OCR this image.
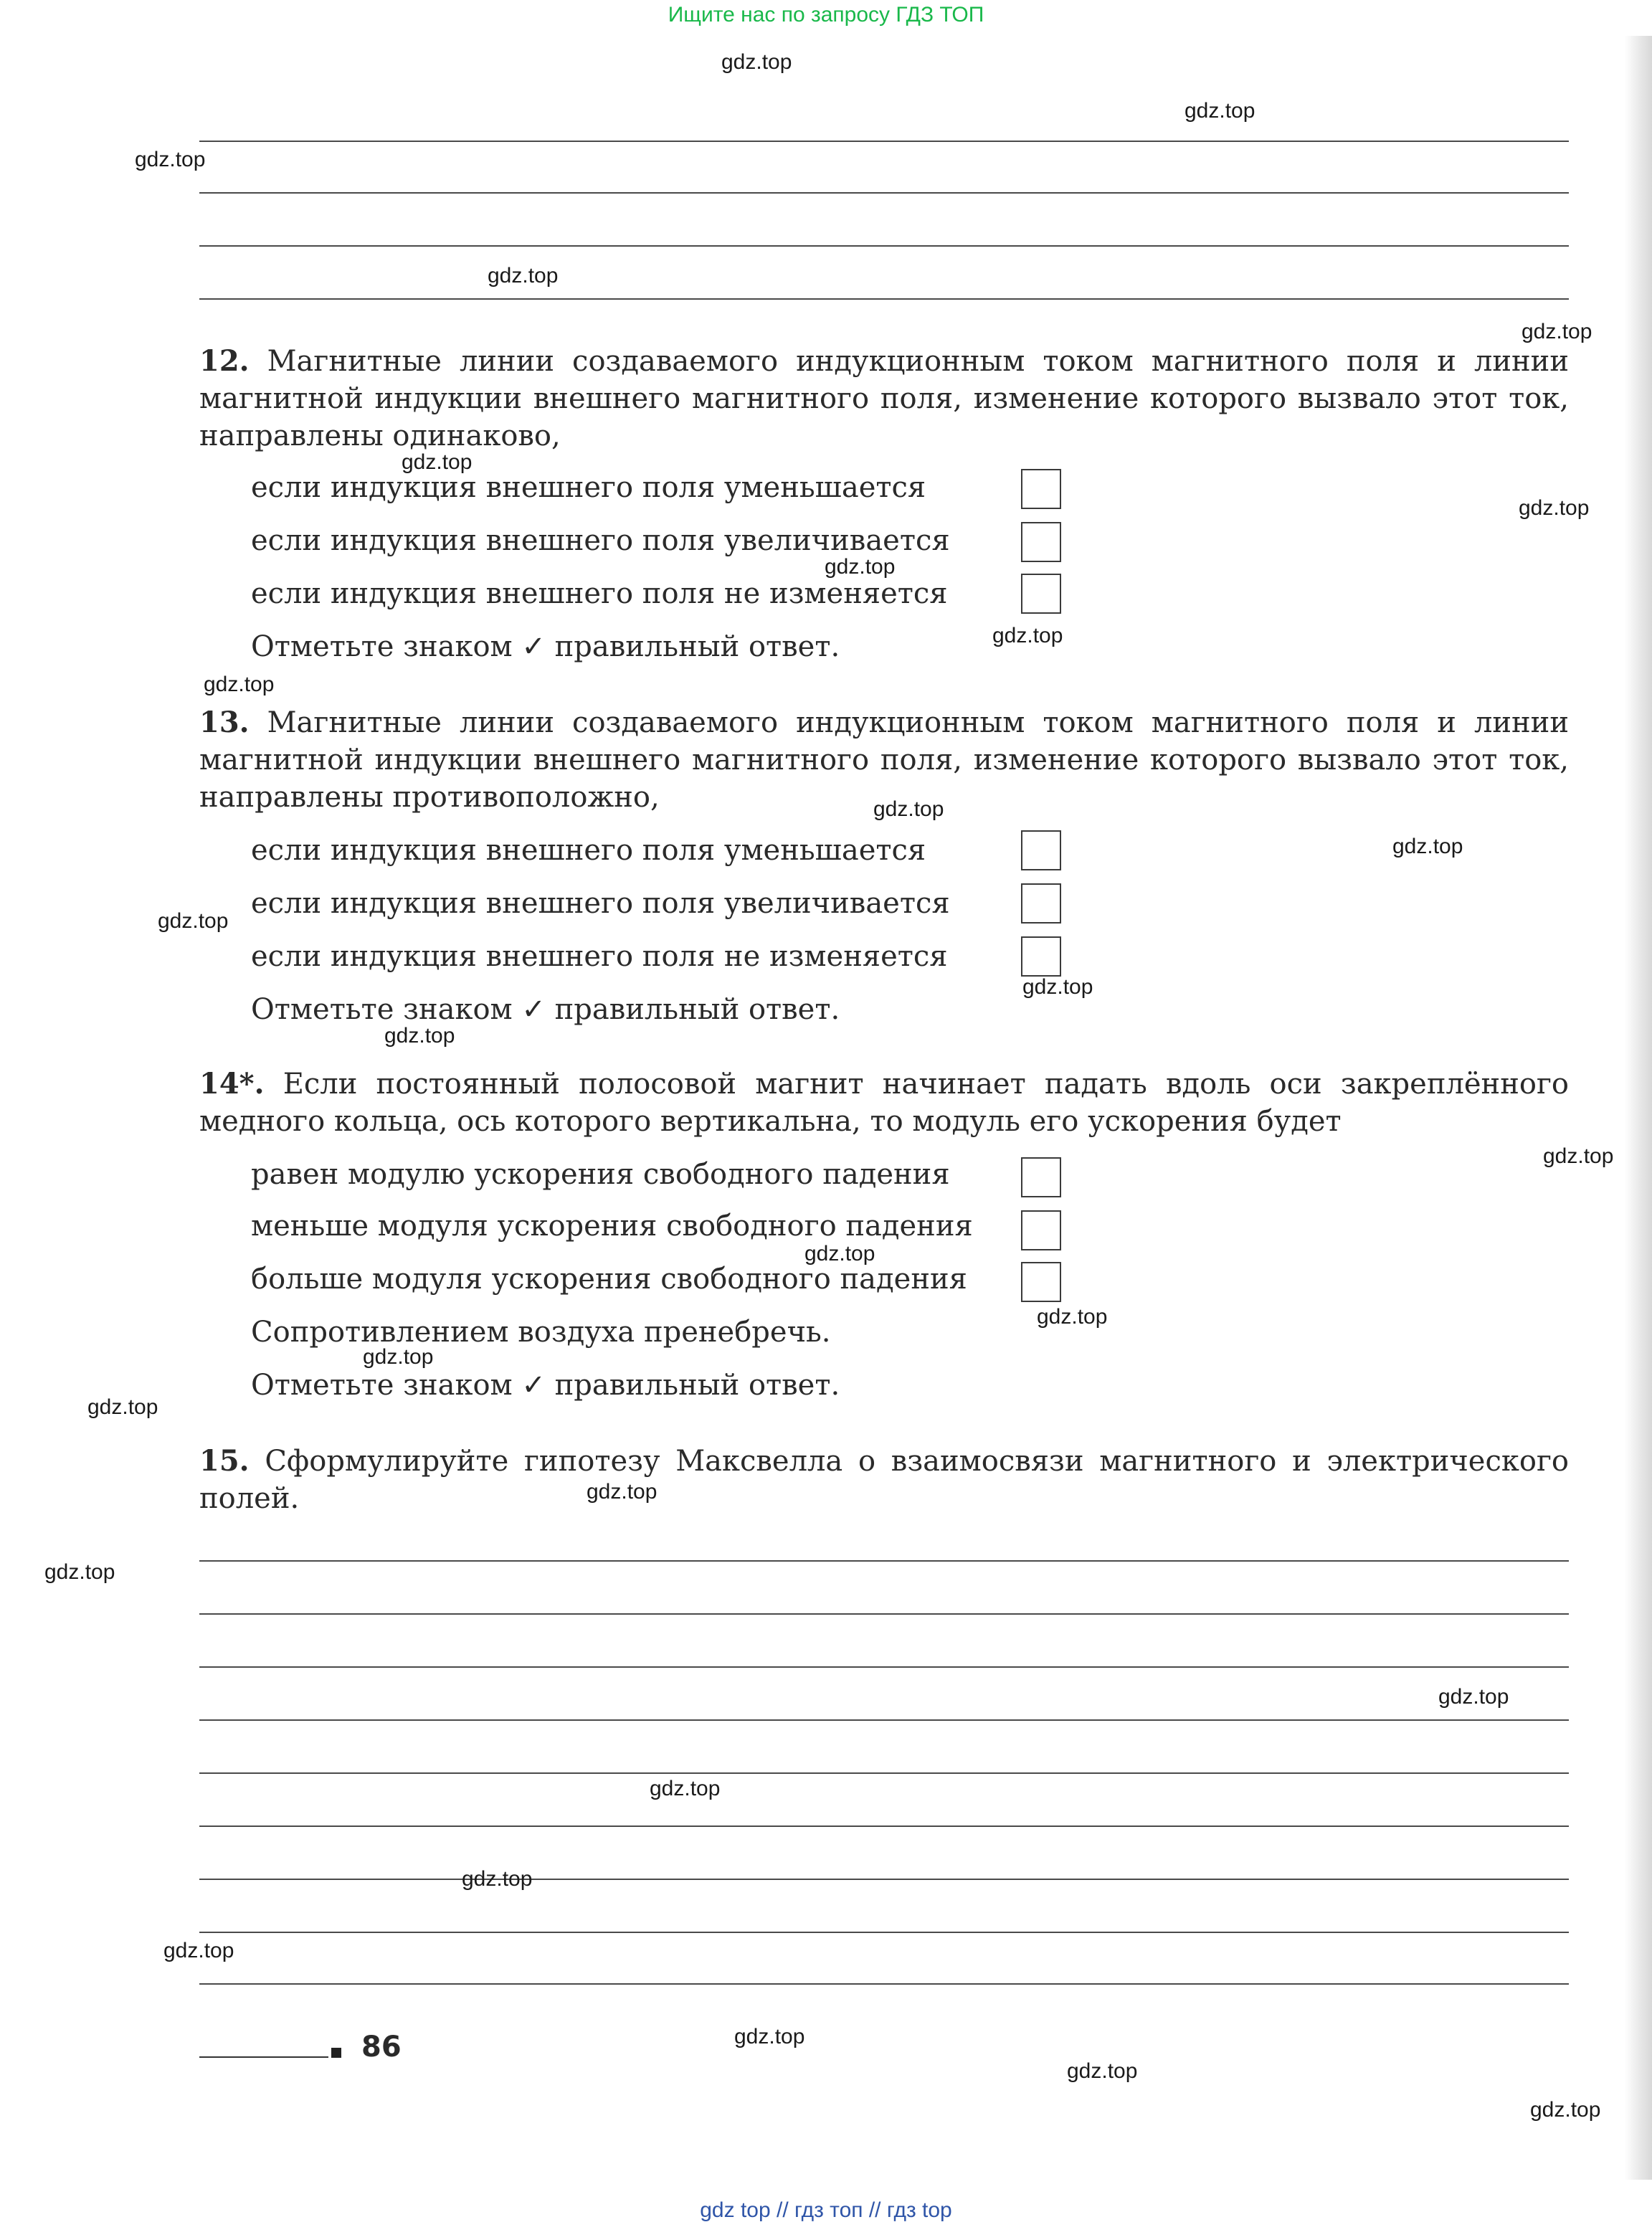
Ищите нас по запросу ГДЗ ТОП
12. Магнитные линии создаваемого индукционным током магнитного поля и линии магнитной индукции внешнего магнитного поля, изменение которого вызвало этот ток, направлены одинаково,
если индукция внешнего поля уменьшается
если индукция внешнего поля увеличивается
если индукция внешнего поля не изменяется
Отметьте знаком ✓ правильный ответ.
13. Магнитные линии создаваемого индукционным током магнитного поля и линии магнитной индукции внешнего магнитного поля, изменение которого вызвало этот ток, направлены противоположно,
если индукция внешнего поля уменьшается
если индукция внешнего поля увеличивается
если индукция внешнего поля не изменяется
Отметьте знаком ✓ правильный ответ.
14*. Если постоянный полосовой магнит начинает падать вдоль оси закреплённого медного кольца, ось которого вертикальна, то модуль его ускорения будет
равен модулю ускорения свободного падения
меньше модуля ускорения свободного падения
больше модуля ускорения свободного падения
Сопротивлением воздуха пренебречь.
Отметьте знаком ✓ правильный ответ.
15. Сформулируйте гипотезу Максвелла о взаимосвязи магнитного и электрического полей.
86
gdz.top
gdz.top
gdz.top
gdz.top
gdz.top
gdz.top
gdz.top
gdz.top
gdz.top
gdz.top
gdz.top
gdz.top
gdz.top
gdz.top
gdz.top
gdz.top
gdz.top
gdz.top
gdz.top
gdz.top
gdz.top
gdz.top
gdz.top
gdz.top
gdz.top
gdz.top
gdz.top
gdz.top
gdz.top
gdz top // гдз топ // гдз top
